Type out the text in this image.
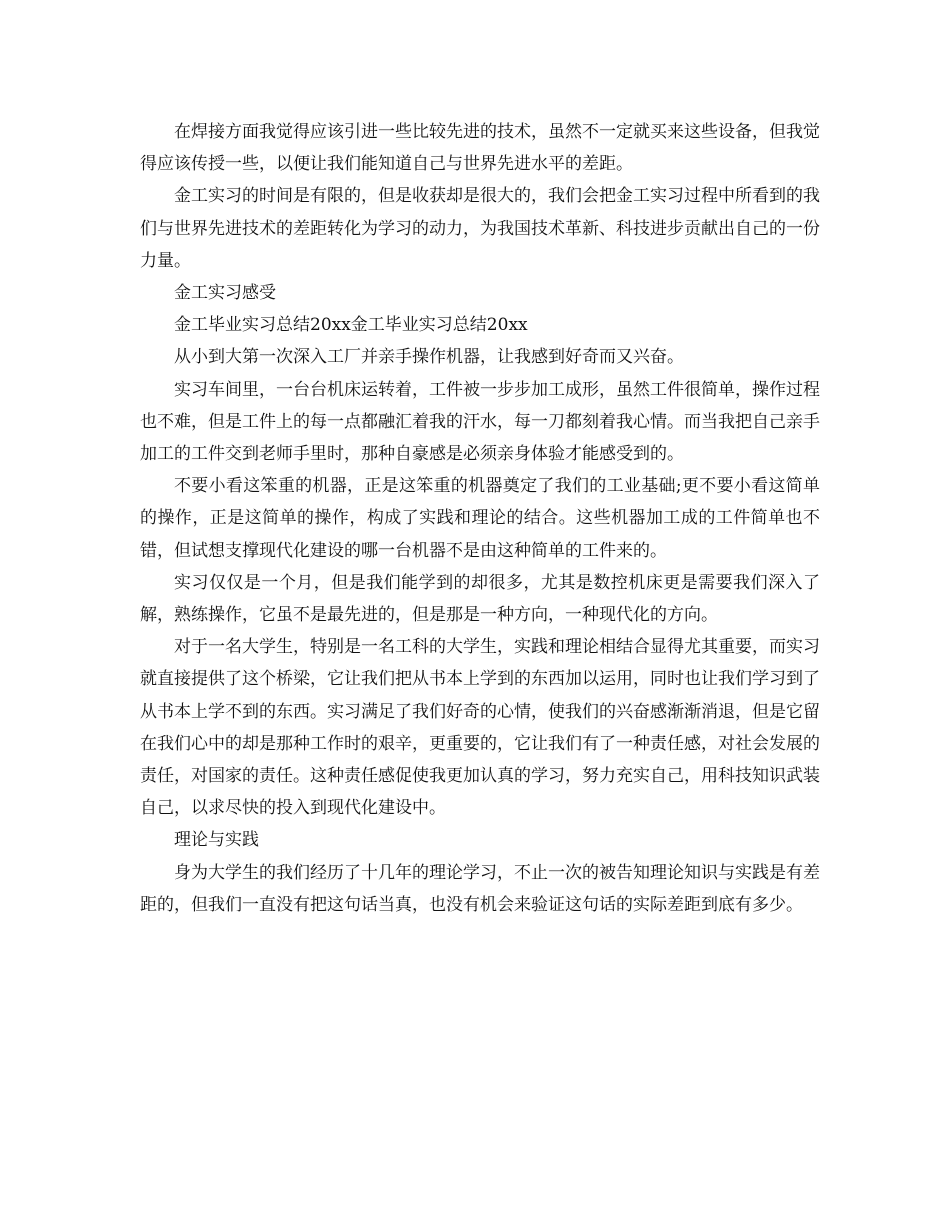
在焊接方面我觉得应该引进一些比较先进的技术，虽然不一定就买来这些设备，但我觉得应该传授一些，以便让我们能知道自己与世界先进水平的差距。

金工实习的时间是有限的，但是收获却是很大的，我们会把金工实习过程中所看到的我们与世界先进技术的差距转化为学习的动力，为我国技术革新、科技进步贡献出自己的一份力量。

金工实习感受

金工毕业实习总结20xx金工毕业实习总结20xx

从小到大第一次深入工厂并亲手操作机器，让我感到好奇而又兴奋。

实习车间里，一台台机床运转着，工件被一步步加工成形，虽然工件很简单，操作过程也不难，但是工件上的每一点都融汇着我的汗水，每一刀都刻着我心情。而当我把自己亲手加工的工件交到老师手里时，那种自豪感是必须亲身体验才能感受到的。

不要小看这笨重的机器，正是这笨重的机器奠定了我们的工业基础;更不要小看这简单的操作，正是这简单的操作，构成了实践和理论的结合。这些机器加工成的工件简单也不错，但试想支撑现代化建设的哪一台机器不是由这种简单的工件来的。

实习仅仅是一个月，但是我们能学到的却很多，尤其是数控机床更是需要我们深入了解，熟练操作，它虽不是最先进的，但是那是一种方向，一种现代化的方向。

对于一名大学生，特别是一名工科的大学生，实践和理论相结合显得尤其重要，而实习就直接提供了这个桥梁，它让我们把从书本上学到的东西加以运用，同时也让我们学习到了从书本上学不到的东西。实习满足了我们好奇的心情，使我们的兴奋感渐渐消退，但是它留在我们心中的却是那种工作时的艰辛，更重要的，它让我们有了一种责任感，对社会发展的责任，对国家的责任。这种责任感促使我更加认真的学习，努力充实自己，用科技知识武装自己，以求尽快的投入到现代化建设中。

理论与实践

身为大学生的我们经历了十几年的理论学习，不止一次的被告知理论知识与实践是有差距的，但我们一直没有把这句话当真，也没有机会来验证这句话的实际差距到底有多少。
